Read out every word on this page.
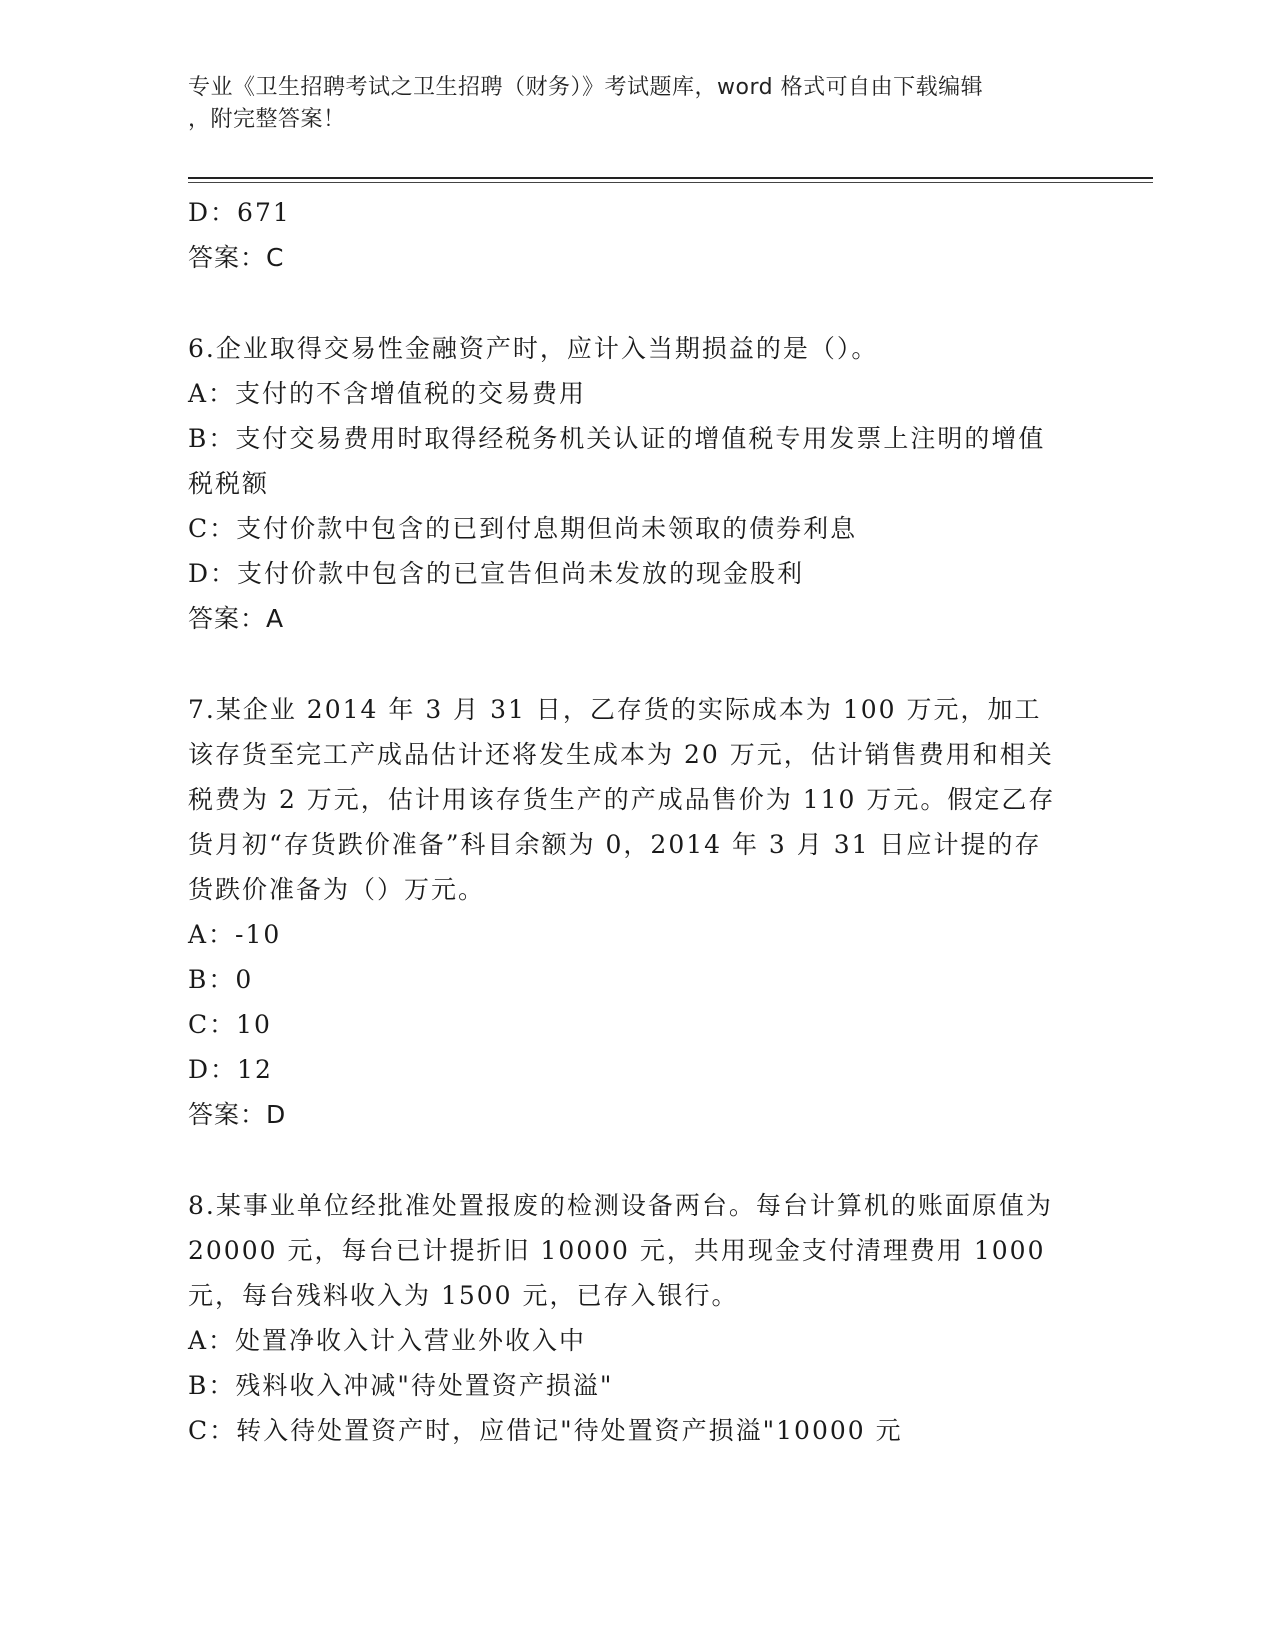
专业《卫生招聘考试之卫生招聘（财务）》考试题库，word 格式可自由下载编辑
，附完整答案！
D：671
答案：C
6.企业取得交易性金融资产时，应计入当期损益的是（）。
A：支付的不含增值税的交易费用
B：支付交易费用时取得经税务机关认证的增值税专用发票上注明的增值税税额
C：支付价款中包含的已到付息期但尚未领取的债券利息
D：支付价款中包含的已宣告但尚未发放的现金股利
答案：A
7.某企业 2014 年 3 月 31 日，乙存货的实际成本为 100 万元，加工该存货至完工产成品估计还将发生成本为 20 万元，估计销售费用和相关税费为 2 万元，估计用该存货生产的产成品售价为 110 万元。假定乙存货月初“存货跌价准备”科目余额为 0，2014 年 3 月 31 日应计提的存货跌价准备为（）万元。
A：-10
B：0
C：10
D：12
答案：D
8.某事业单位经批准处置报废的检测设备两台。每台计算机的账面原值为 20000 元，每台已计提折旧 10000 元，共用现金支付清理费用 1000 元，每台残料收入为 1500 元，已存入银行。
A：处置净收入计入营业外收入中
B：残料收入冲减"待处置资产损溢"
C：转入待处置资产时，应借记"待处置资产损溢"10000 元
